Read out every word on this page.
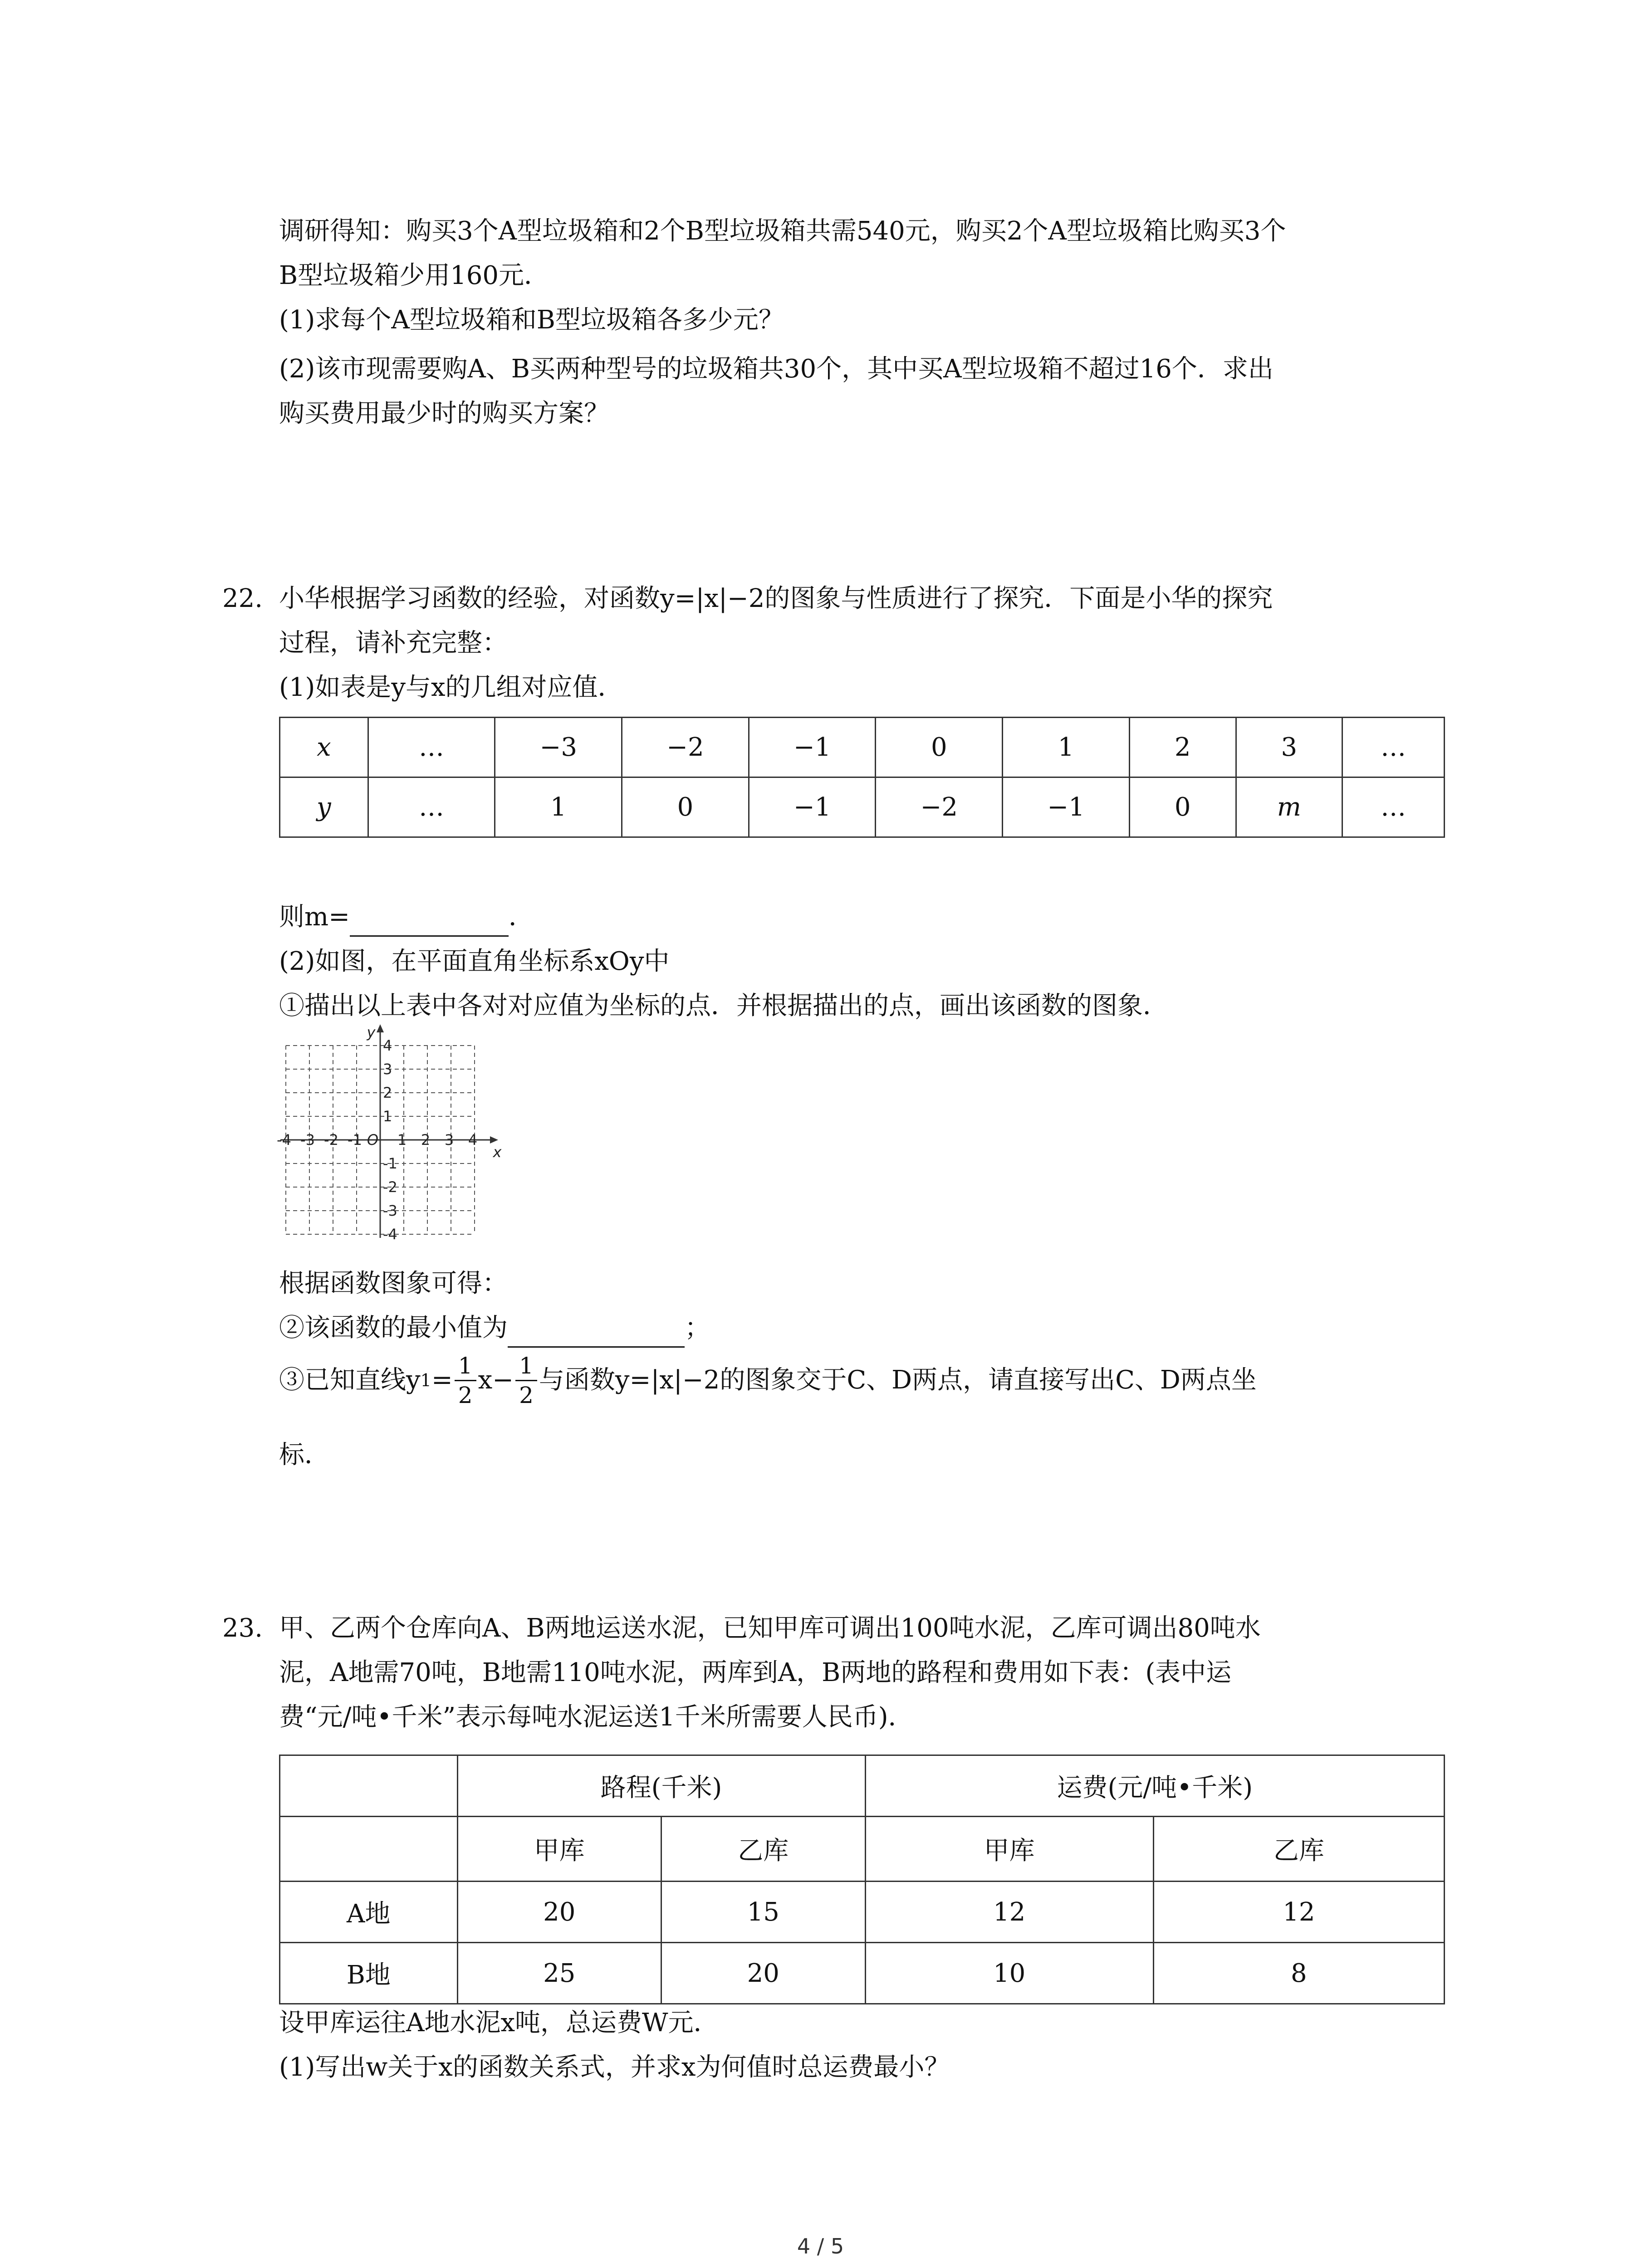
调研得知：购买3个A型垃圾箱和2个B型垃圾箱共需540元，购买2个A型垃圾箱比购买3个

B型垃圾箱少用160元．

(1)求每个A型垃圾箱和B型垃圾箱各多少元？

(2)该市现需要购A、B买两种型号的垃圾箱共30个，其中买A型垃圾箱不超过16个．求出

购买费用最少时的购买方案？

22. 小华根据学习函数的经验，对函数y=|x|−2的图象与性质进行了探究．下面是小华的探究

过程，请补充完整：

(1)如表是y与x的几组对应值．

x	…	−3	−2	−1	0	1	2	3	…
y	…	1	0	−1	−2	−1	0	m	…

则m=	．

(2)如图，在平面直角坐标系xOy中

①描出以上表中各对对应值为坐标的点．并根据描出的点，画出该函数的图象．

-4 -3 -2 -1 1 2 3 4
4
3
2
1
-1
-2
-3
-4
O
x
y

根据函数图象可得：

②该函数的最小值为	；

③已知直线y $1 = \frac{1}{2} x- \frac{1}{2}$ 与函数y=|x|−2的图象交于C、D两点，请直接写出C、D两点坐

标．

23. 甲、乙两个仓库向A、B两地运送水泥，已知甲库可调出100吨水泥，乙库可调出80吨水

泥，A地需70吨，B地需110吨水泥，两库到A，B两地的路程和费用如下表：(表中运

费“元/吨•千米”表示每吨水泥运送1千米所需要人民币)．

	路程(千米)		运费(元/吨•千米)	
	甲库	乙库	甲库	乙库
A地	20	15	12	12
B地	25	20	10	8

设甲库运往A地水泥x吨，总运费W元．

(1)写出w关于x的函数关系式，并求x为何值时总运费最小？

4 / 5
